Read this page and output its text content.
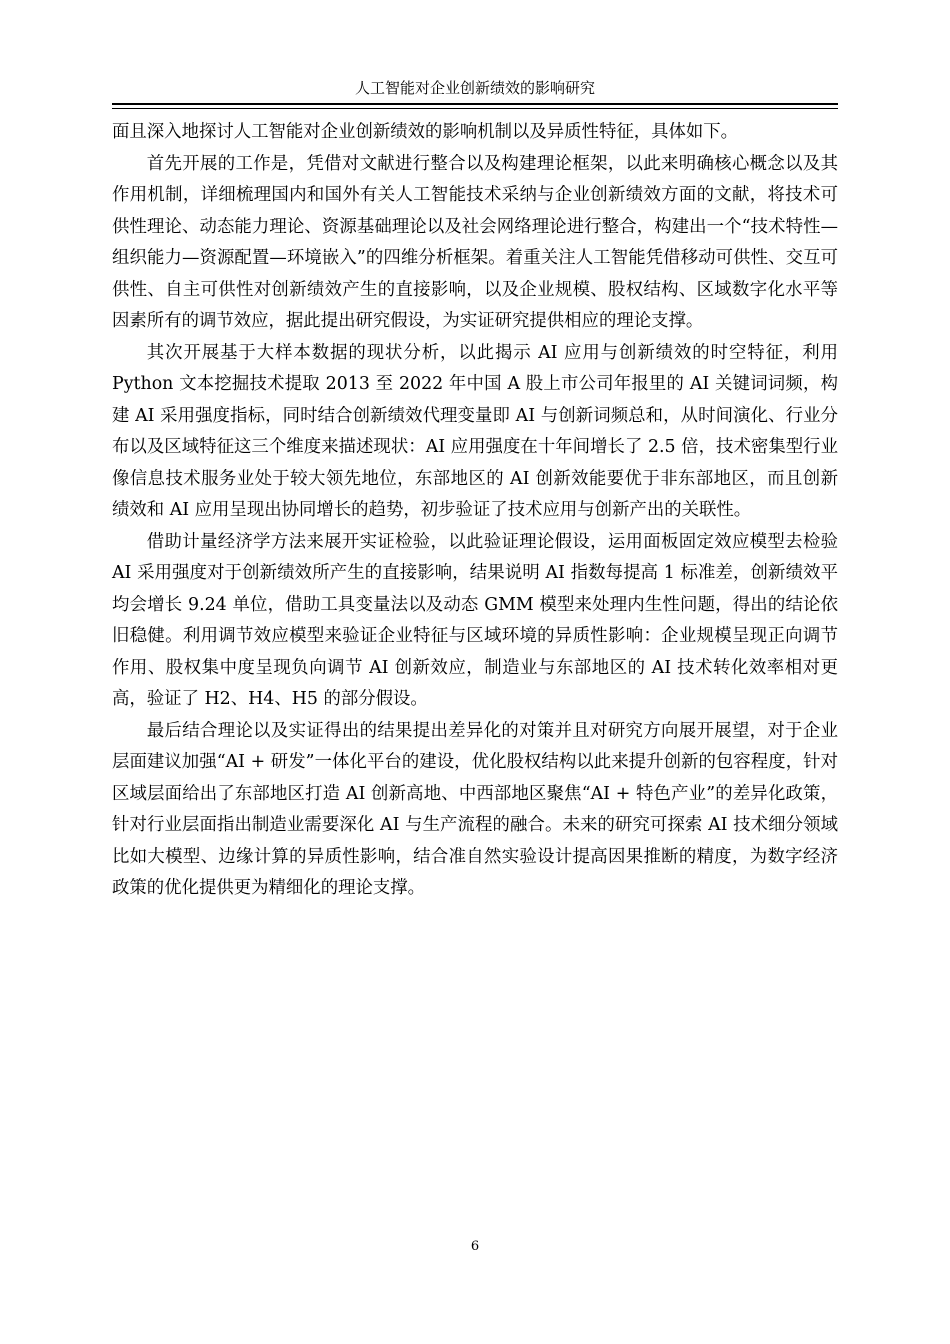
人工智能对企业创新绩效的影响研究

面且深入地探讨人工智能对企业创新绩效的影响机制以及异质性特征，具体如下。

首先开展的工作是，凭借对文献进行整合以及构建理论框架，以此来明确核心概念以及其作用机制，详细梳理国内和国外有关人工智能技术采纳与企业创新绩效方面的文献，将技术可供性理论、动态能力理论、资源基础理论以及社会网络理论进行整合，构建出一个“技术特性—组织能力—资源配置—环境嵌入”的四维分析框架。着重关注人工智能凭借移动可供性、交互可供性、自主可供性对创新绩效产生的直接影响，以及企业规模、股权结构、区域数字化水平等因素所有的调节效应，据此提出研究假设，为实证研究提供相应的理论支撑。

其次开展基于大样本数据的现状分析，以此揭示 AI 应用与创新绩效的时空特征，利用 Python 文本挖掘技术提取 2013 至 2022 年中国 A 股上市公司年报里的 AI 关键词词频，构建 AI 采用强度指标，同时结合创新绩效代理变量即 AI 与创新词频总和，从时间演化、行业分布以及区域特征这三个维度来描述现状：AI 应用强度在十年间增长了 2.5 倍，技术密集型行业像信息技术服务业处于较大领先地位，东部地区的 AI 创新效能要优于非东部地区，而且创新绩效和 AI 应用呈现出协同增长的趋势，初步验证了技术应用与创新产出的关联性。

借助计量经济学方法来展开实证检验，以此验证理论假设，运用面板固定效应模型去检验 AI 采用强度对于创新绩效所产生的直接影响，结果说明 AI 指数每提高 1 标准差，创新绩效平均会增长 9.24 单位，借助工具变量法以及动态 GMM 模型来处理内生性问题，得出的结论依旧稳健。利用调节效应模型来验证企业特征与区域环境的异质性影响：企业规模呈现正向调节作用、股权集中度呈现负向调节 AI 创新效应，制造业与东部地区的 AI 技术转化效率相对更高，验证了 H2、H4、H5 的部分假设。

最后结合理论以及实证得出的结果提出差异化的对策并且对研究方向展开展望，对于企业层面建议加强“AI + 研发”一体化平台的建设，优化股权结构以此来提升创新的包容程度，针对区域层面给出了东部地区打造 AI 创新高地、中西部地区聚焦“AI + 特色产业”的差异化政策，针对行业层面指出制造业需要深化 AI 与生产流程的融合。未来的研究可探索 AI 技术细分领域比如大模型、边缘计算的异质性影响，结合准自然实验设计提高因果推断的精度，为数字经济政策的优化提供更为精细化的理论支撑。

6
